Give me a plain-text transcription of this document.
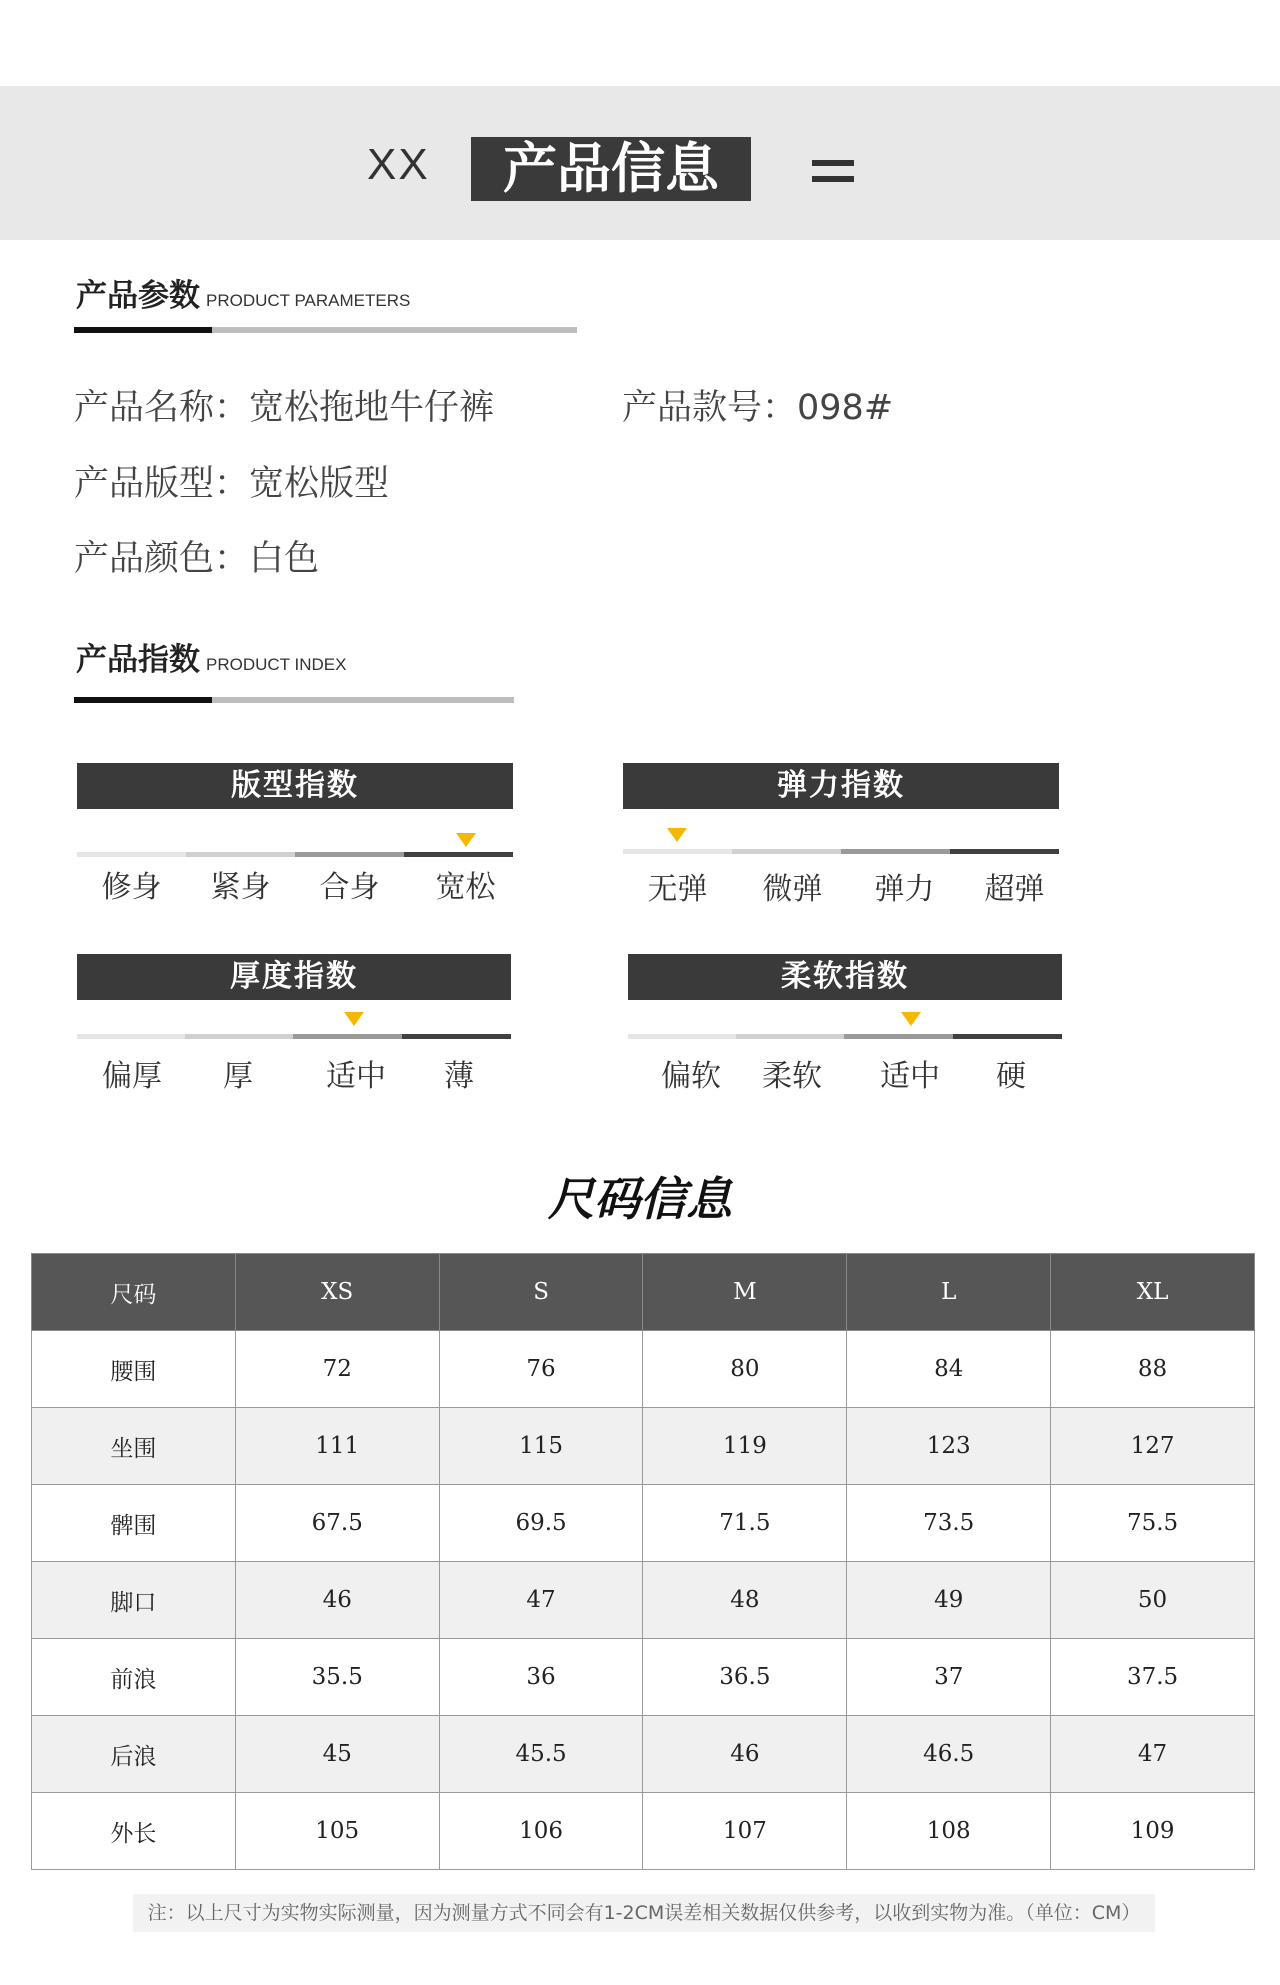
XX	产品信息
产品参数 PRODUCT PARAMETERS
产品名称：宽松拖地牛仔裤	产品款号：098#
产品版型：宽松版型
产品颜色：白色
产品指数 PRODUCT INDEX
版型指数
修身	紧身	合身	宽松
弹力指数
无弹	微弹	弹力	超弹
厚度指数
偏厚	厚	适中	薄
柔软指数
偏软	柔软	适中	硬
尺码信息
尺码	XS	S	M	L	XL
腰围	72	76	80	84	88
坐围	111	115	119	123	127
髀围	67.5	69.5	71.5	73.5	75.5
脚口	46	47	48	49	50
前浪	35.5	36	36.5	37	37.5
后浪	45	45.5	46	46.5	47
外长	105	106	107	108	109
注：以上尺寸为实物实际测量，因为测量方式不同会有1-2CM误差相关数据仅供参考，以收到实物为准。（单位：CM）
